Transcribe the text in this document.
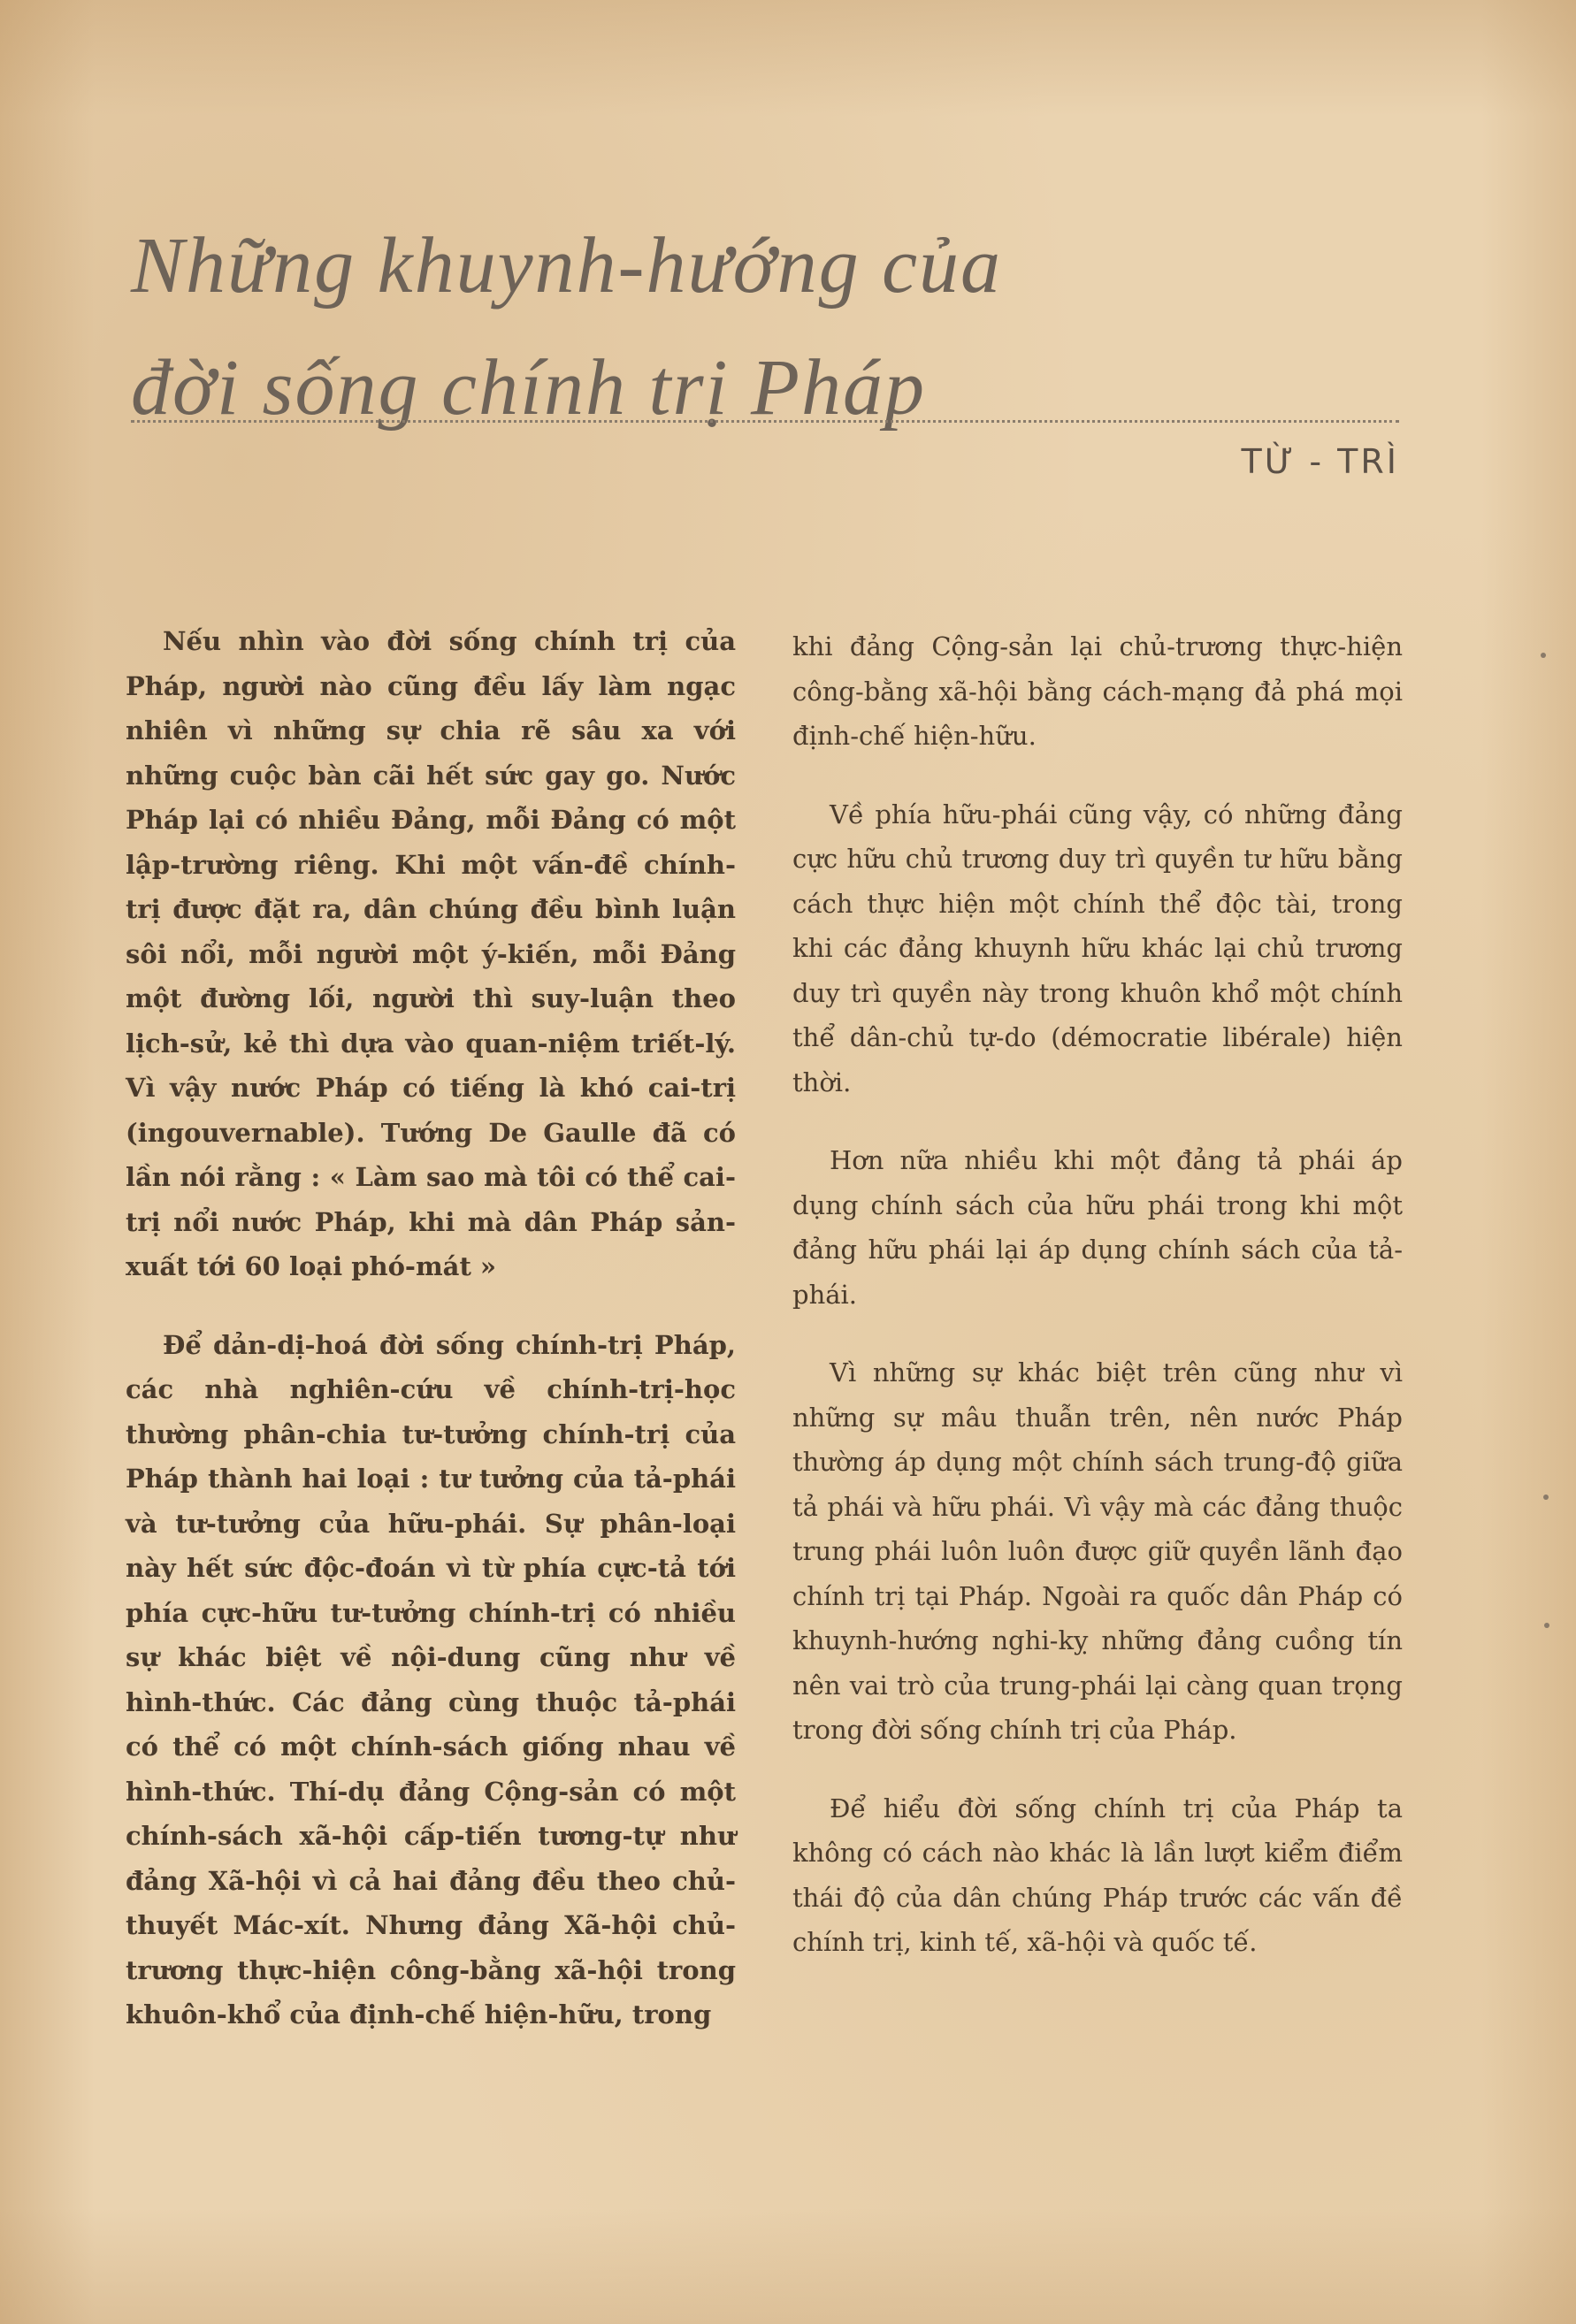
Những khuynh-hướng của
đời sống chính trị Pháp
TỪ - TRÌ

Nếu nhìn vào đời sống chính trị của Pháp, người nào cũng đều lấy làm ngạc nhiên vì những sự chia rẽ sâu xa với những cuộc bàn cãi hết sức gay go. Nước Pháp lại có nhiều Đảng, mỗi Đảng có một lập-trường riêng. Khi một vấn-đề chính-trị được đặt ra, dân chúng đều bình luận sôi nổi, mỗi người một ý-kiến, mỗi Đảng một đường lối, người thì suy-luận theo lịch-sử, kẻ thì dựa vào quan-niệm triết-lý. Vì vậy nước Pháp có tiếng là khó cai-trị (ingouvernable). Tướng De Gaulle đã có lần nói rằng : « Làm sao mà tôi có thể cai-trị nổi nước Pháp, khi mà dân Pháp sản-xuất tới 60 loại phó-mát »

Để dản-dị-hoá đời sống chính-trị Pháp, các nhà nghiên-cứu về chính-trị-học thường phân-chia tư-tưởng chính-trị của Pháp thành hai loại : tư tưởng của tả-phái và tư-tưởng của hữu-phái. Sự phân-loại này hết sức độc-đoán vì từ phía cực-tả tới phía cực-hữu tư-tưởng chính-trị có nhiều sự khác biệt về nội-dung cũng như về hình-thức. Các đảng cùng thuộc tả-phái có thể có một chính-sách giống nhau về hình-thức. Thí-dụ đảng Cộng-sản có một chính-sách xã-hội cấp-tiến tương-tự như đảng Xã-hội vì cả hai đảng đều theo chủ-thuyết Mác-xít. Nhưng đảng Xã-hội chủ-trương thực-hiện công-bằng xã-hội trong khuôn-khổ của định-chế hiện-hữu, trong

khi đảng Cộng-sản lại chủ-trương thực-hiện công-bằng xã-hội bằng cách-mạng đả phá mọi định-chế hiện-hữu.

Về phía hữu-phái cũng vậy, có những đảng cực hữu chủ trương duy trì quyền tư hữu bằng cách thực hiện một chính thể độc tài, trong khi các đảng khuynh hữu khác lại chủ trương duy trì quyền này trong khuôn khổ một chính thể dân-chủ tự-do (démocratie libérale) hiện thời.

Hơn nữa nhiều khi một đảng tả phái áp dụng chính sách của hữu phái trong khi một đảng hữu phái lại áp dụng chính sách của tả-phái.

Vì những sự khác biệt trên cũng như vì những sự mâu thuẫn trên, nên nước Pháp thường áp dụng một chính sách trung-độ giữa tả phái và hữu phái. Vì vậy mà các đảng thuộc trung phái luôn luôn được giữ quyền lãnh đạo chính trị tại Pháp. Ngoài ra quốc dân Pháp có khuynh-hướng nghi-kỵ những đảng cuồng tín nên vai trò của trung-phái lại càng quan trọng trong đời sống chính trị của Pháp.

Để hiểu đời sống chính trị của Pháp ta không có cách nào khác là lần lượt kiểm điểm thái độ của dân chúng Pháp trước các vấn đề chính trị, kinh tế, xã-hội và quốc tế.
